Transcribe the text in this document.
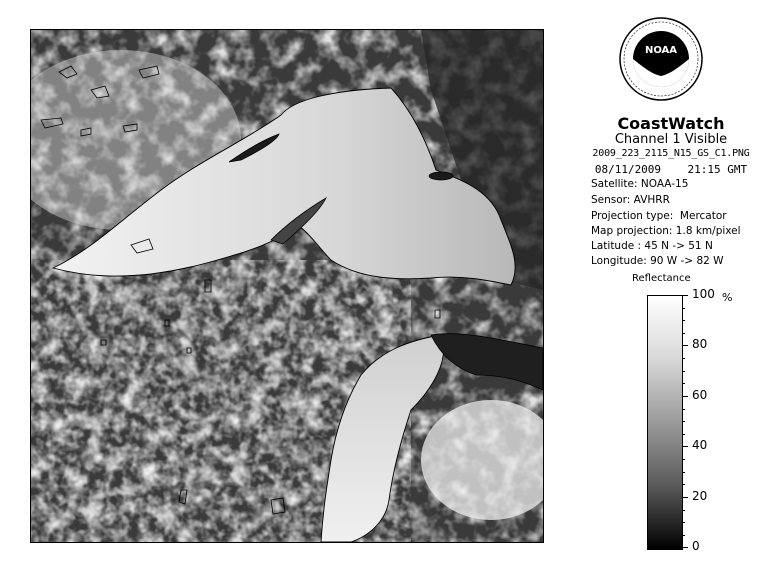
NOAA
CoastWatch
Channel 1 Visible
2009_223_2115_N15_GS_C1.PNG
08/11/2009    21:15 GMT
Satellite: NOAA-15
Sensor: AVHRR
Projection type:  Mercator
Map projection: 1.8 km/pixel
Latitude : 45 N -> 51 N
Longitude: 90 W -> 82 W
Reflectance
%
100
80
60
40
20
0
